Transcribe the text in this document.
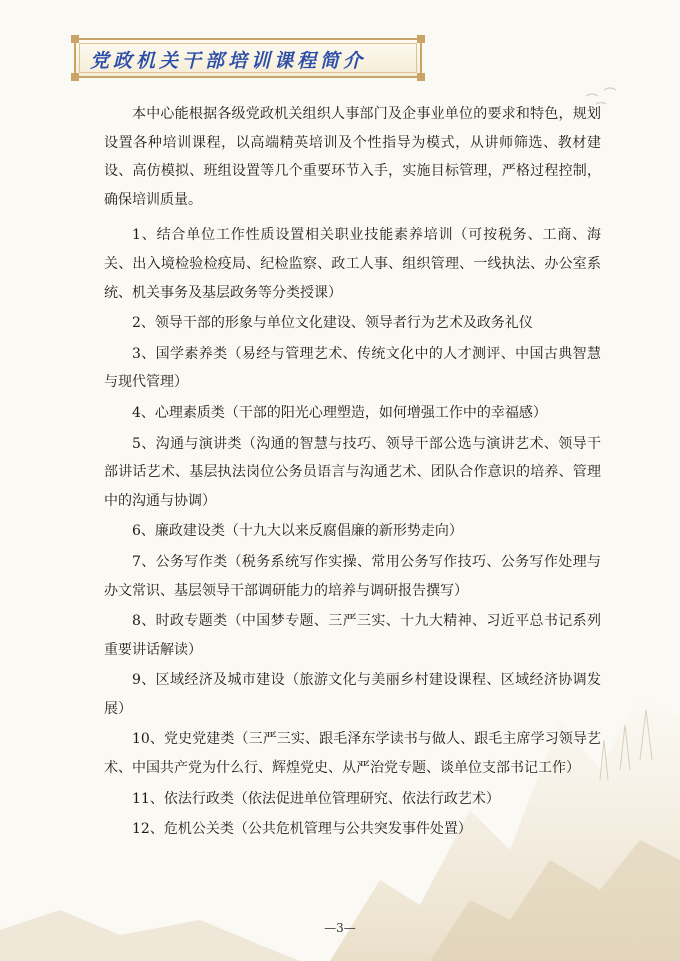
党政机关干部培训课程简介

本中心能根据各级党政机关组织人事部门及企事业单位的要求和特色，规划设置各种培训课程，以高端精英培训及个性指导为模式，从讲师筛选、教材建设、高仿模拟、班组设置等几个重要环节入手，实施目标管理，严格过程控制，确保培训质量。

1、结合单位工作性质设置相关职业技能素养培训（可按税务、工商、海关、出入境检验检疫局、纪检监察、政工人事、组织管理、一线执法、办公室系统、机关事务及基层政务等分类授课）

2、领导干部的形象与单位文化建设、领导者行为艺术及政务礼仪

3、国学素养类（易经与管理艺术、传统文化中的人才测评、中国古典智慧与现代管理）

4、心理素质类（干部的阳光心理塑造，如何增强工作中的幸福感）

5、沟通与演讲类（沟通的智慧与技巧、领导干部公选与演讲艺术、领导干部讲话艺术、基层执法岗位公务员语言与沟通艺术、团队合作意识的培养、管理中的沟通与协调）

6、廉政建设类（十九大以来反腐倡廉的新形势走向）

7、公务写作类（税务系统写作实操、常用公务写作技巧、公务写作处理与办文常识、基层领导干部调研能力的培养与调研报告撰写）

8、时政专题类（中国梦专题、三严三实、十九大精神、习近平总书记系列重要讲话解读）

9、区域经济及城市建设（旅游文化与美丽乡村建设课程、区域经济协调发展）

10、党史党建类（三严三实、跟毛泽东学读书与做人、跟毛主席学习领导艺术、中国共产党为什么行、辉煌党史、从严治党专题、谈单位支部书记工作）

11、依法行政类（依法促进单位管理研究、依法行政艺术）

12、危机公关类（公共危机管理与公共突发事件处置）

—3—
